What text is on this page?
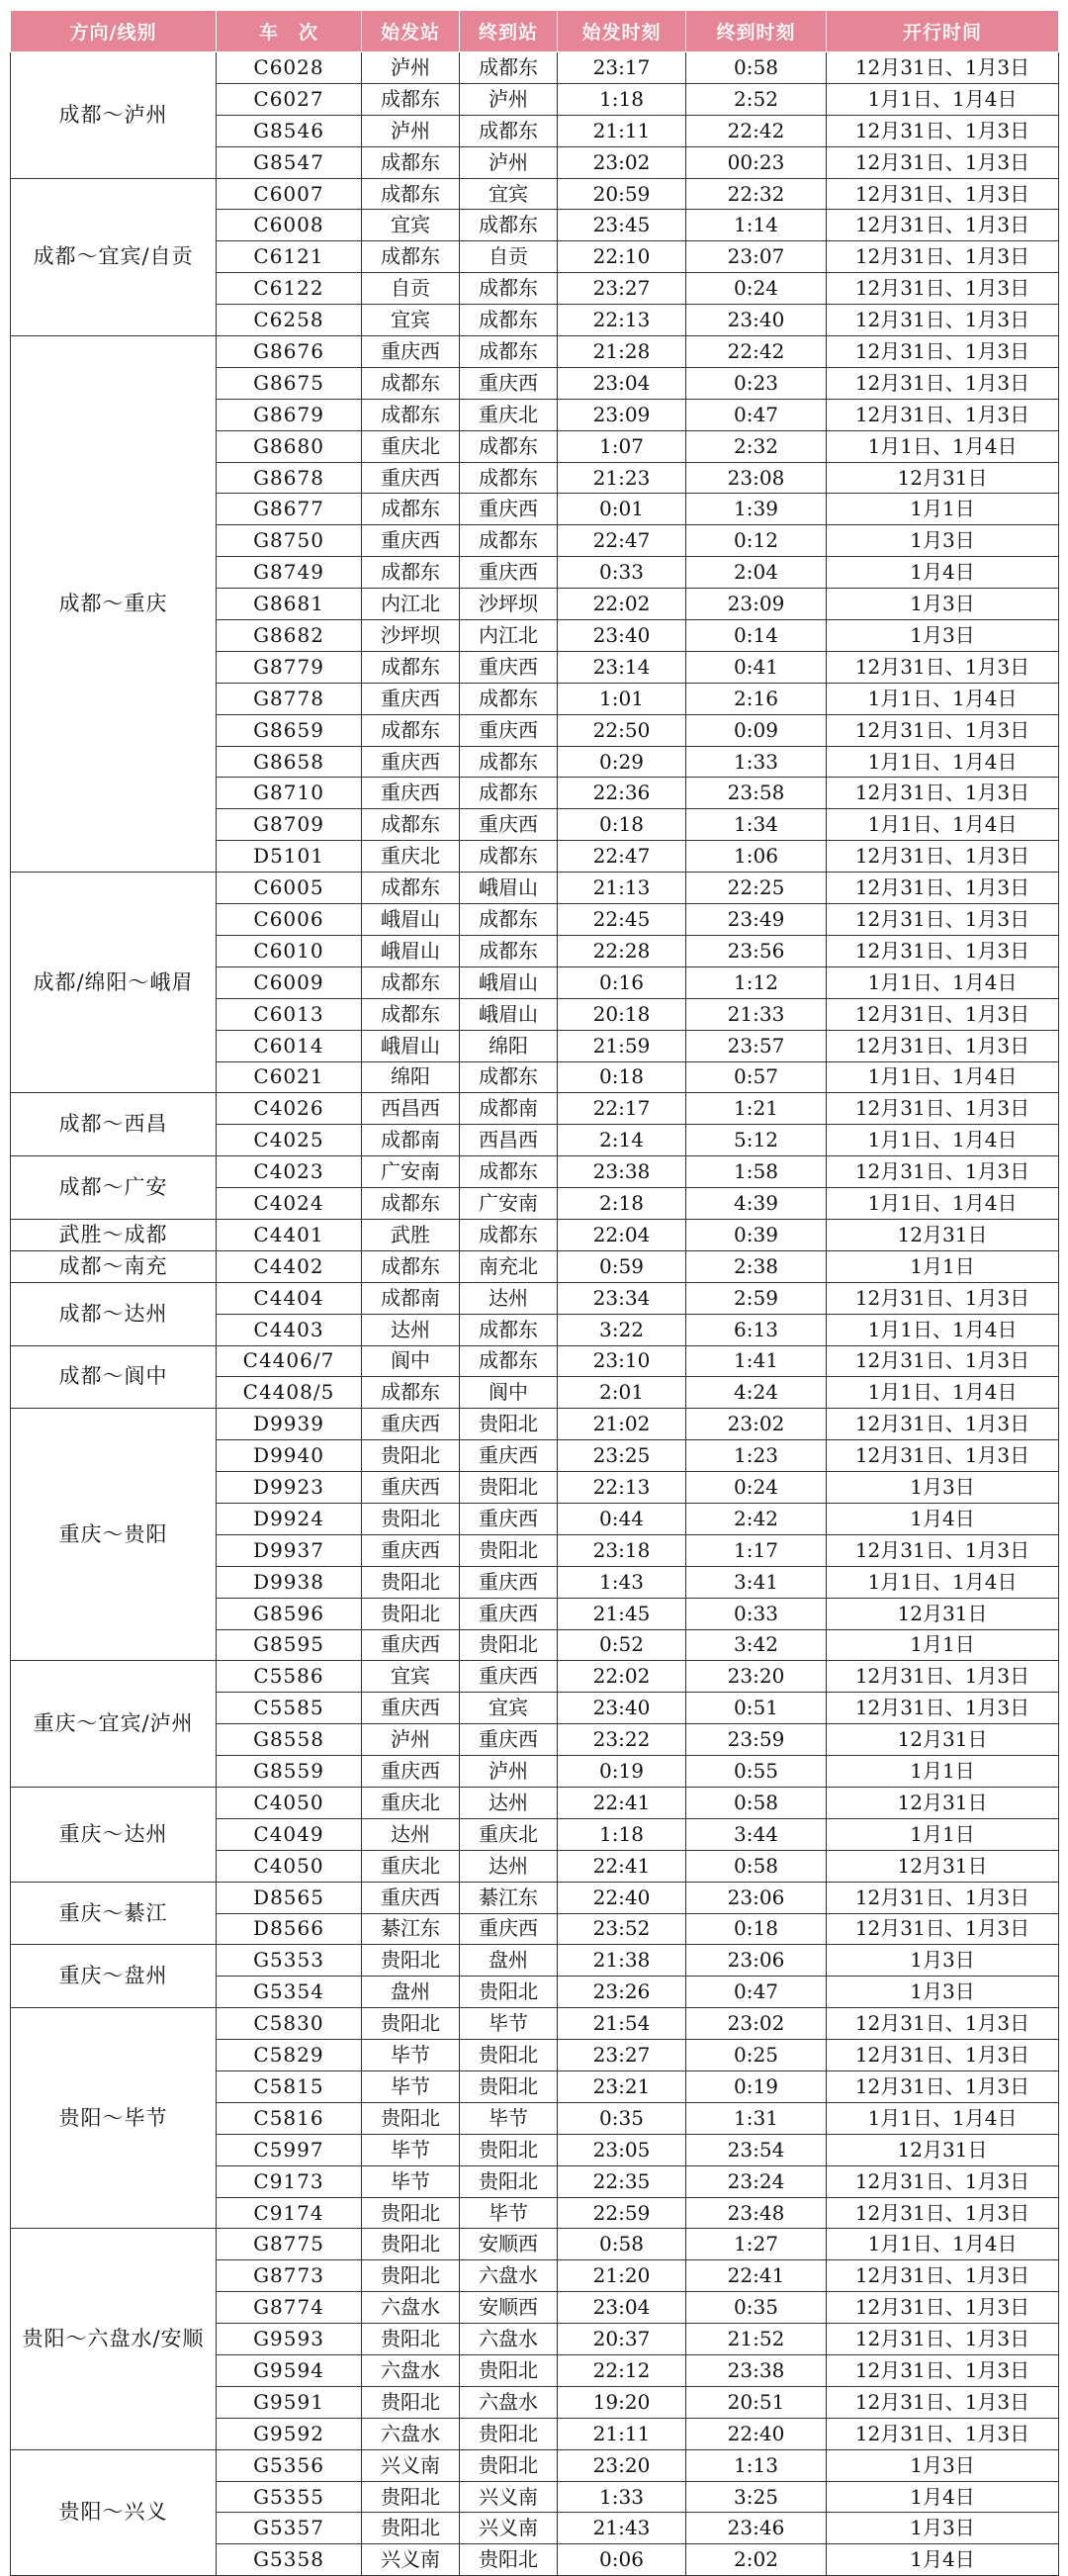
方向/线别	车　次	始发站	终到站	始发时刻	终到时刻	开行时间
成都～泸州	C6028	泸州	成都东	23:17	0:58	12月31日、1月3日
	C6027	成都东	泸州	1:18	2:52	1月1日、1月4日
	G8546	泸州	成都东	21:11	22:42	12月31日、1月3日
	G8547	成都东	泸州	23:02	00:23	12月31日、1月3日
成都～宜宾/自贡	C6007	成都东	宜宾	20:59	22:32	12月31日、1月3日
	C6008	宜宾	成都东	23:45	1:14	12月31日、1月3日
	C6121	成都东	自贡	22:10	23:07	12月31日、1月3日
	C6122	自贡	成都东	23:27	0:24	12月31日、1月3日
	C6258	宜宾	成都东	22:13	23:40	12月31日、1月3日
成都～重庆	G8676	重庆西	成都东	21:28	22:42	12月31日、1月3日
	G8675	成都东	重庆西	23:04	0:23	12月31日、1月3日
	G8679	成都东	重庆北	23:09	0:47	12月31日、1月3日
	G8680	重庆北	成都东	1:07	2:32	1月1日、1月4日
	G8678	重庆西	成都东	21:23	23:08	12月31日
	G8677	成都东	重庆西	0:01	1:39	1月1日
	G8750	重庆西	成都东	22:47	0:12	1月3日
	G8749	成都东	重庆西	0:33	2:04	1月4日
	G8681	内江北	沙坪坝	22:02	23:09	1月3日
	G8682	沙坪坝	内江北	23:40	0:14	1月3日
	G8779	成都东	重庆西	23:14	0:41	12月31日、1月3日
	G8778	重庆西	成都东	1:01	2:16	1月1日、1月4日
	G8659	成都东	重庆西	22:50	0:09	12月31日、1月3日
	G8658	重庆西	成都东	0:29	1:33	1月1日、1月4日
	G8710	重庆西	成都东	22:36	23:58	12月31日、1月3日
	G8709	成都东	重庆西	0:18	1:34	1月1日、1月4日
	D5101	重庆北	成都东	22:47	1:06	12月31日、1月3日
成都/绵阳～峨眉	C6005	成都东	峨眉山	21:13	22:25	12月31日、1月3日
	C6006	峨眉山	成都东	22:45	23:49	12月31日、1月3日
	C6010	峨眉山	成都东	22:28	23:56	12月31日、1月3日
	C6009	成都东	峨眉山	0:16	1:12	1月1日、1月4日
	C6013	成都东	峨眉山	20:18	21:33	12月31日、1月3日
	C6014	峨眉山	绵阳	21:59	23:57	12月31日、1月3日
	C6021	绵阳	成都东	0:18	0:57	1月1日、1月4日
成都～西昌	C4026	西昌西	成都南	22:17	1:21	12月31日、1月3日
	C4025	成都南	西昌西	2:14	5:12	1月1日、1月4日
成都～广安	C4023	广安南	成都东	23:38	1:58	12月31日、1月3日
	C4024	成都东	广安南	2:18	4:39	1月1日、1月4日
武胜～成都	C4401	武胜	成都东	22:04	0:39	12月31日
成都～南充	C4402	成都东	南充北	0:59	2:38	1月1日
成都～达州	C4404	成都南	达州	23:34	2:59	12月31日、1月3日
	C4403	达州	成都东	3:22	6:13	1月1日、1月4日
成都～阆中	C4406/7	阆中	成都东	23:10	1:41	12月31日、1月3日
	C4408/5	成都东	阆中	2:01	4:24	1月1日、1月4日
重庆～贵阳	D9939	重庆西	贵阳北	21:02	23:02	12月31日、1月3日
	D9940	贵阳北	重庆西	23:25	1:23	12月31日、1月3日
	D9923	重庆西	贵阳北	22:13	0:24	1月3日
	D9924	贵阳北	重庆西	0:44	2:42	1月4日
	D9937	重庆西	贵阳北	23:18	1:17	12月31日、1月3日
	D9938	贵阳北	重庆西	1:43	3:41	1月1日、1月4日
	G8596	贵阳北	重庆西	21:45	0:33	12月31日
	G8595	重庆西	贵阳北	0:52	3:42	1月1日
重庆～宜宾/泸州	C5586	宜宾	重庆西	22:02	23:20	12月31日、1月3日
	C5585	重庆西	宜宾	23:40	0:51	12月31日、1月3日
	G8558	泸州	重庆西	23:22	23:59	12月31日
	G8559	重庆西	泸州	0:19	0:55	1月1日
重庆～达州	C4050	重庆北	达州	22:41	0:58	12月31日
	C4049	达州	重庆北	1:18	3:44	1月1日
	C4050	重庆北	达州	22:41	0:58	12月31日
重庆～綦江	D8565	重庆西	綦江东	22:40	23:06	12月31日、1月3日
	D8566	綦江东	重庆西	23:52	0:18	12月31日、1月3日
重庆～盘州	G5353	贵阳北	盘州	21:38	23:06	1月3日
	G5354	盘州	贵阳北	23:26	0:47	1月3日
贵阳～毕节	C5830	贵阳北	毕节	21:54	23:02	12月31日、1月3日
	C5829	毕节	贵阳北	23:27	0:25	12月31日、1月3日
	C5815	毕节	贵阳北	23:21	0:19	12月31日、1月3日
	C5816	贵阳北	毕节	0:35	1:31	1月1日、1月4日
	C5997	毕节	贵阳北	23:05	23:54	12月31日
	C9173	毕节	贵阳北	22:35	23:24	12月31日、1月3日
	C9174	贵阳北	毕节	22:59	23:48	12月31日、1月3日
贵阳～六盘水/安顺	G8775	贵阳北	安顺西	0:58	1:27	1月1日、1月4日
	G8773	贵阳北	六盘水	21:20	22:41	12月31日、1月3日
	G8774	六盘水	安顺西	23:04	0:35	12月31日、1月3日
	G9593	贵阳北	六盘水	20:37	21:52	12月31日、1月3日
	G9594	六盘水	贵阳北	22:12	23:38	12月31日、1月3日
	G9591	贵阳北	六盘水	19:20	20:51	12月31日、1月3日
	G9592	六盘水	贵阳北	21:11	22:40	12月31日、1月3日
贵阳～兴义	G5356	兴义南	贵阳北	23:20	1:13	1月3日
	G5355	贵阳北	兴义南	1:33	3:25	1月4日
	G5357	贵阳北	兴义南	21:43	23:46	1月3日
	G5358	兴义南	贵阳北	0:06	2:02	1月4日
